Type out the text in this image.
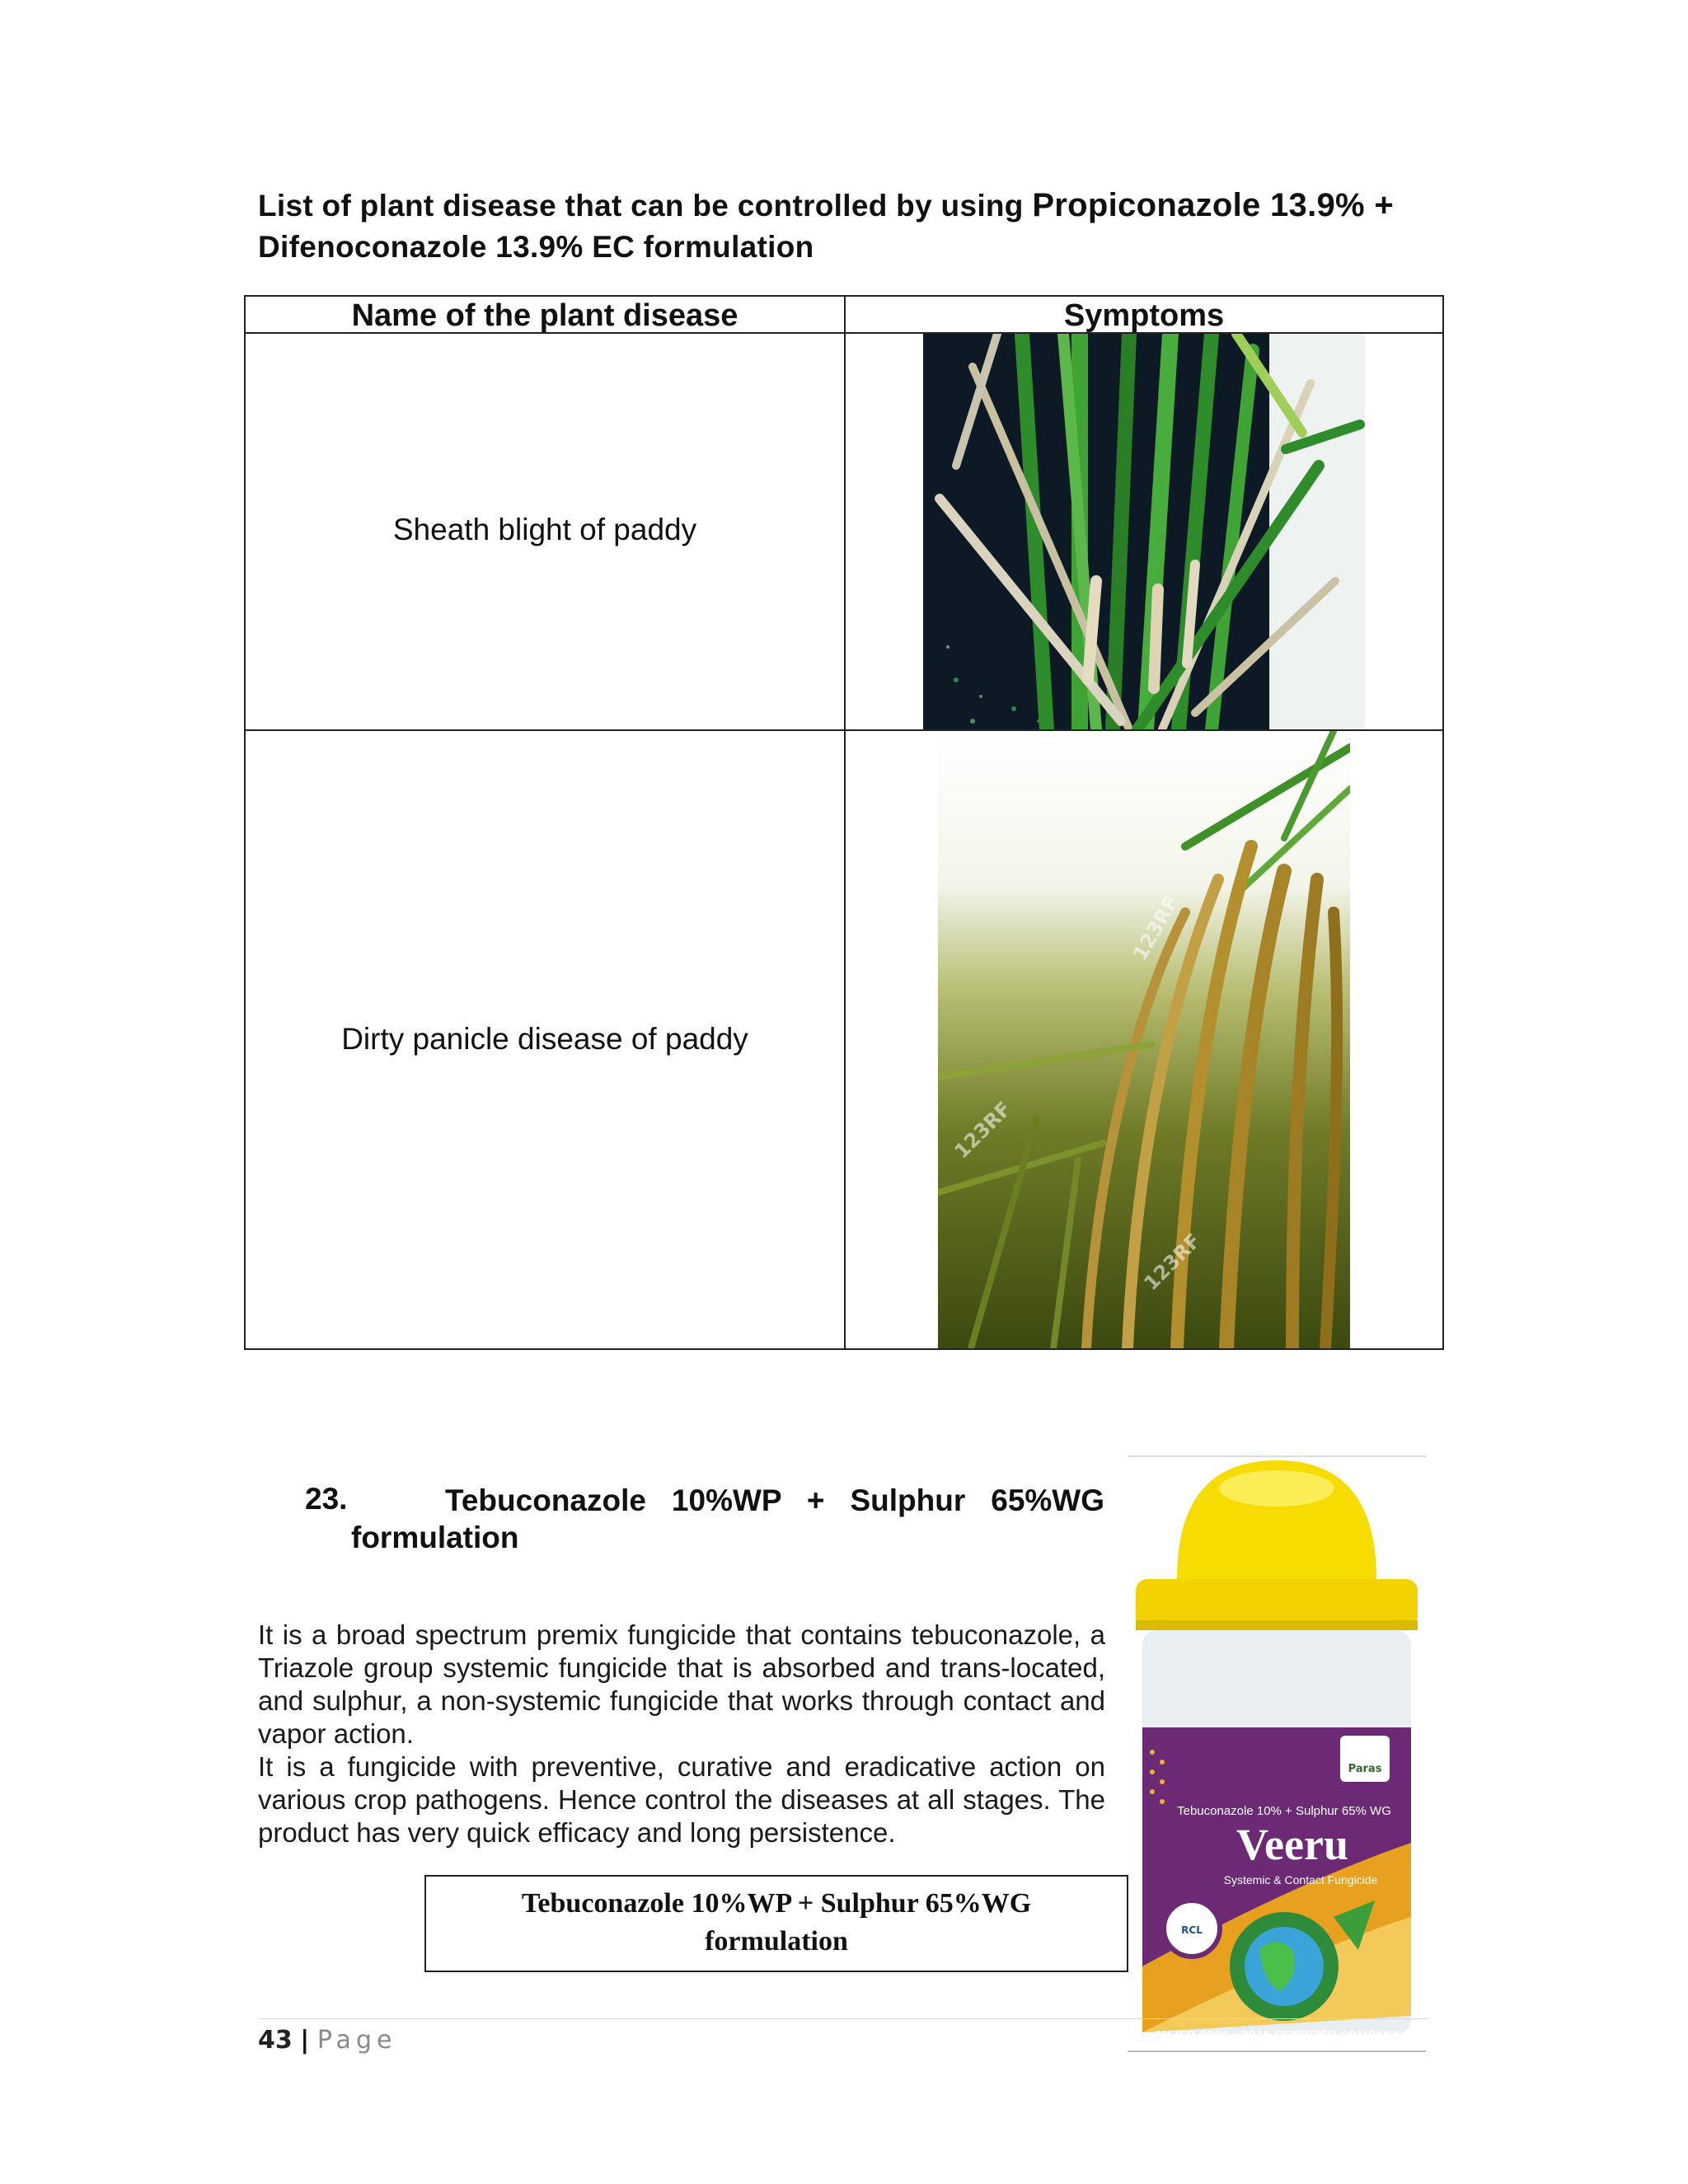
List of plant disease that can be controlled by using Propiconazole 13.9% +
Difenoconazole 13.9% EC formulation
Name of the plant disease	Symptoms
Sheath blight of paddy
Dirty panicle disease of paddy
123RF
123RF
123RF
23.	Tebuconazole 10%WP + Sulphur 65%WG formulation

It is a broad spectrum premix fungicide that contains tebuconazole, a Triazole group systemic fungicide that is absorbed and trans-located, and sulphur, a non-systemic fungicide that works through contact and vapor action.

It is a fungicide with preventive, curative and eradicative action on various crop pathogens. Hence control the diseases at all stages. The product has very quick efficacy and long persistence.

Tebuconazole 10%WP + Sulphur 65%WG
formulation
Paras
Tebuconazole 10% + Sulphur 65% WG
Veeru
Systemic & Contact Fungicide
RCL
AN ISO 9001 : 2015 CERTIFIED COMPANY
43 | Page
